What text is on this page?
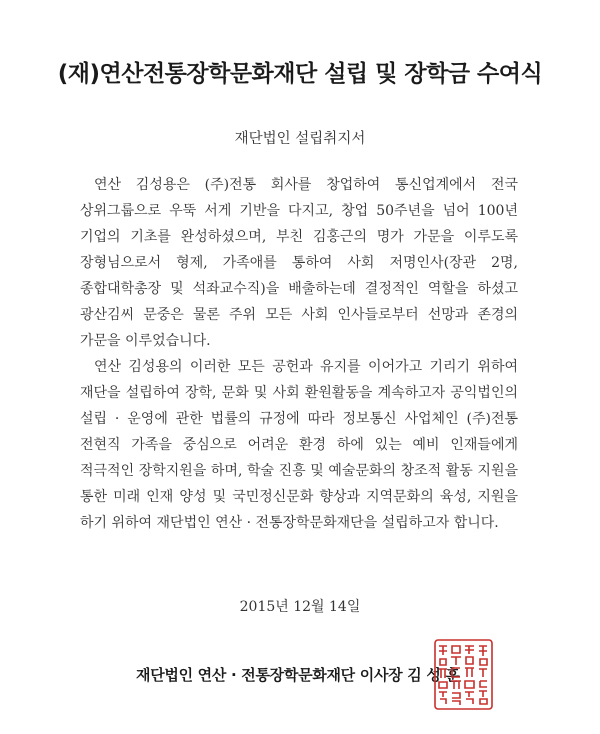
(재)연산전통장학문화재단 설립 및 장학금 수여식
재단법인 설립취지서

연산 김성용은 (주)전통 회사를 창업하여 통신업계에서 전국 상위그룹으로 우뚝 서게 기반을 다지고, 창업 50주년을 넘어 100년 기업의 기초를 완성하셨으며, 부친 김홍근의 명가 가문을 이루도록 장형님으로서 형제, 가족애를 통하여 사회 저명인사(장관 2명, 종합대학총장 및 석좌교수직)을 배출하는데 결정적인 역할을 하셨고 광산김씨 문중은 물론 주위 모든 사회 인사들로부터 선망과 존경의 가문을 이루었습니다.

연산 김성용의 이러한 모든 공헌과 유지를 이어가고 기리기 위하여 재단을 설립하여 장학, 문화 및 사회 환원활동을 계속하고자 공익법인의 설립 · 운영에 관한 법률의 규정에 따라 정보통신 사업체인 (주)전통 전현직 가족을 중심으로 어려운 환경 하에 있는 예비 인재들에게 적극적인 장학지원을 하며, 학술 진흥 및 예술문화의 창조적 활동 지원을 통한 미래 인재 양성 및 국민정신문화 향상과 지역문화의 육성, 지원을 하기 위하여 재단법인 연산 · 전통장학문화재단을 설립하고자 합니다.

2015년 12월 14일
재단법인 연산 · 전통장학문화재단 이사장 김 성 훈
